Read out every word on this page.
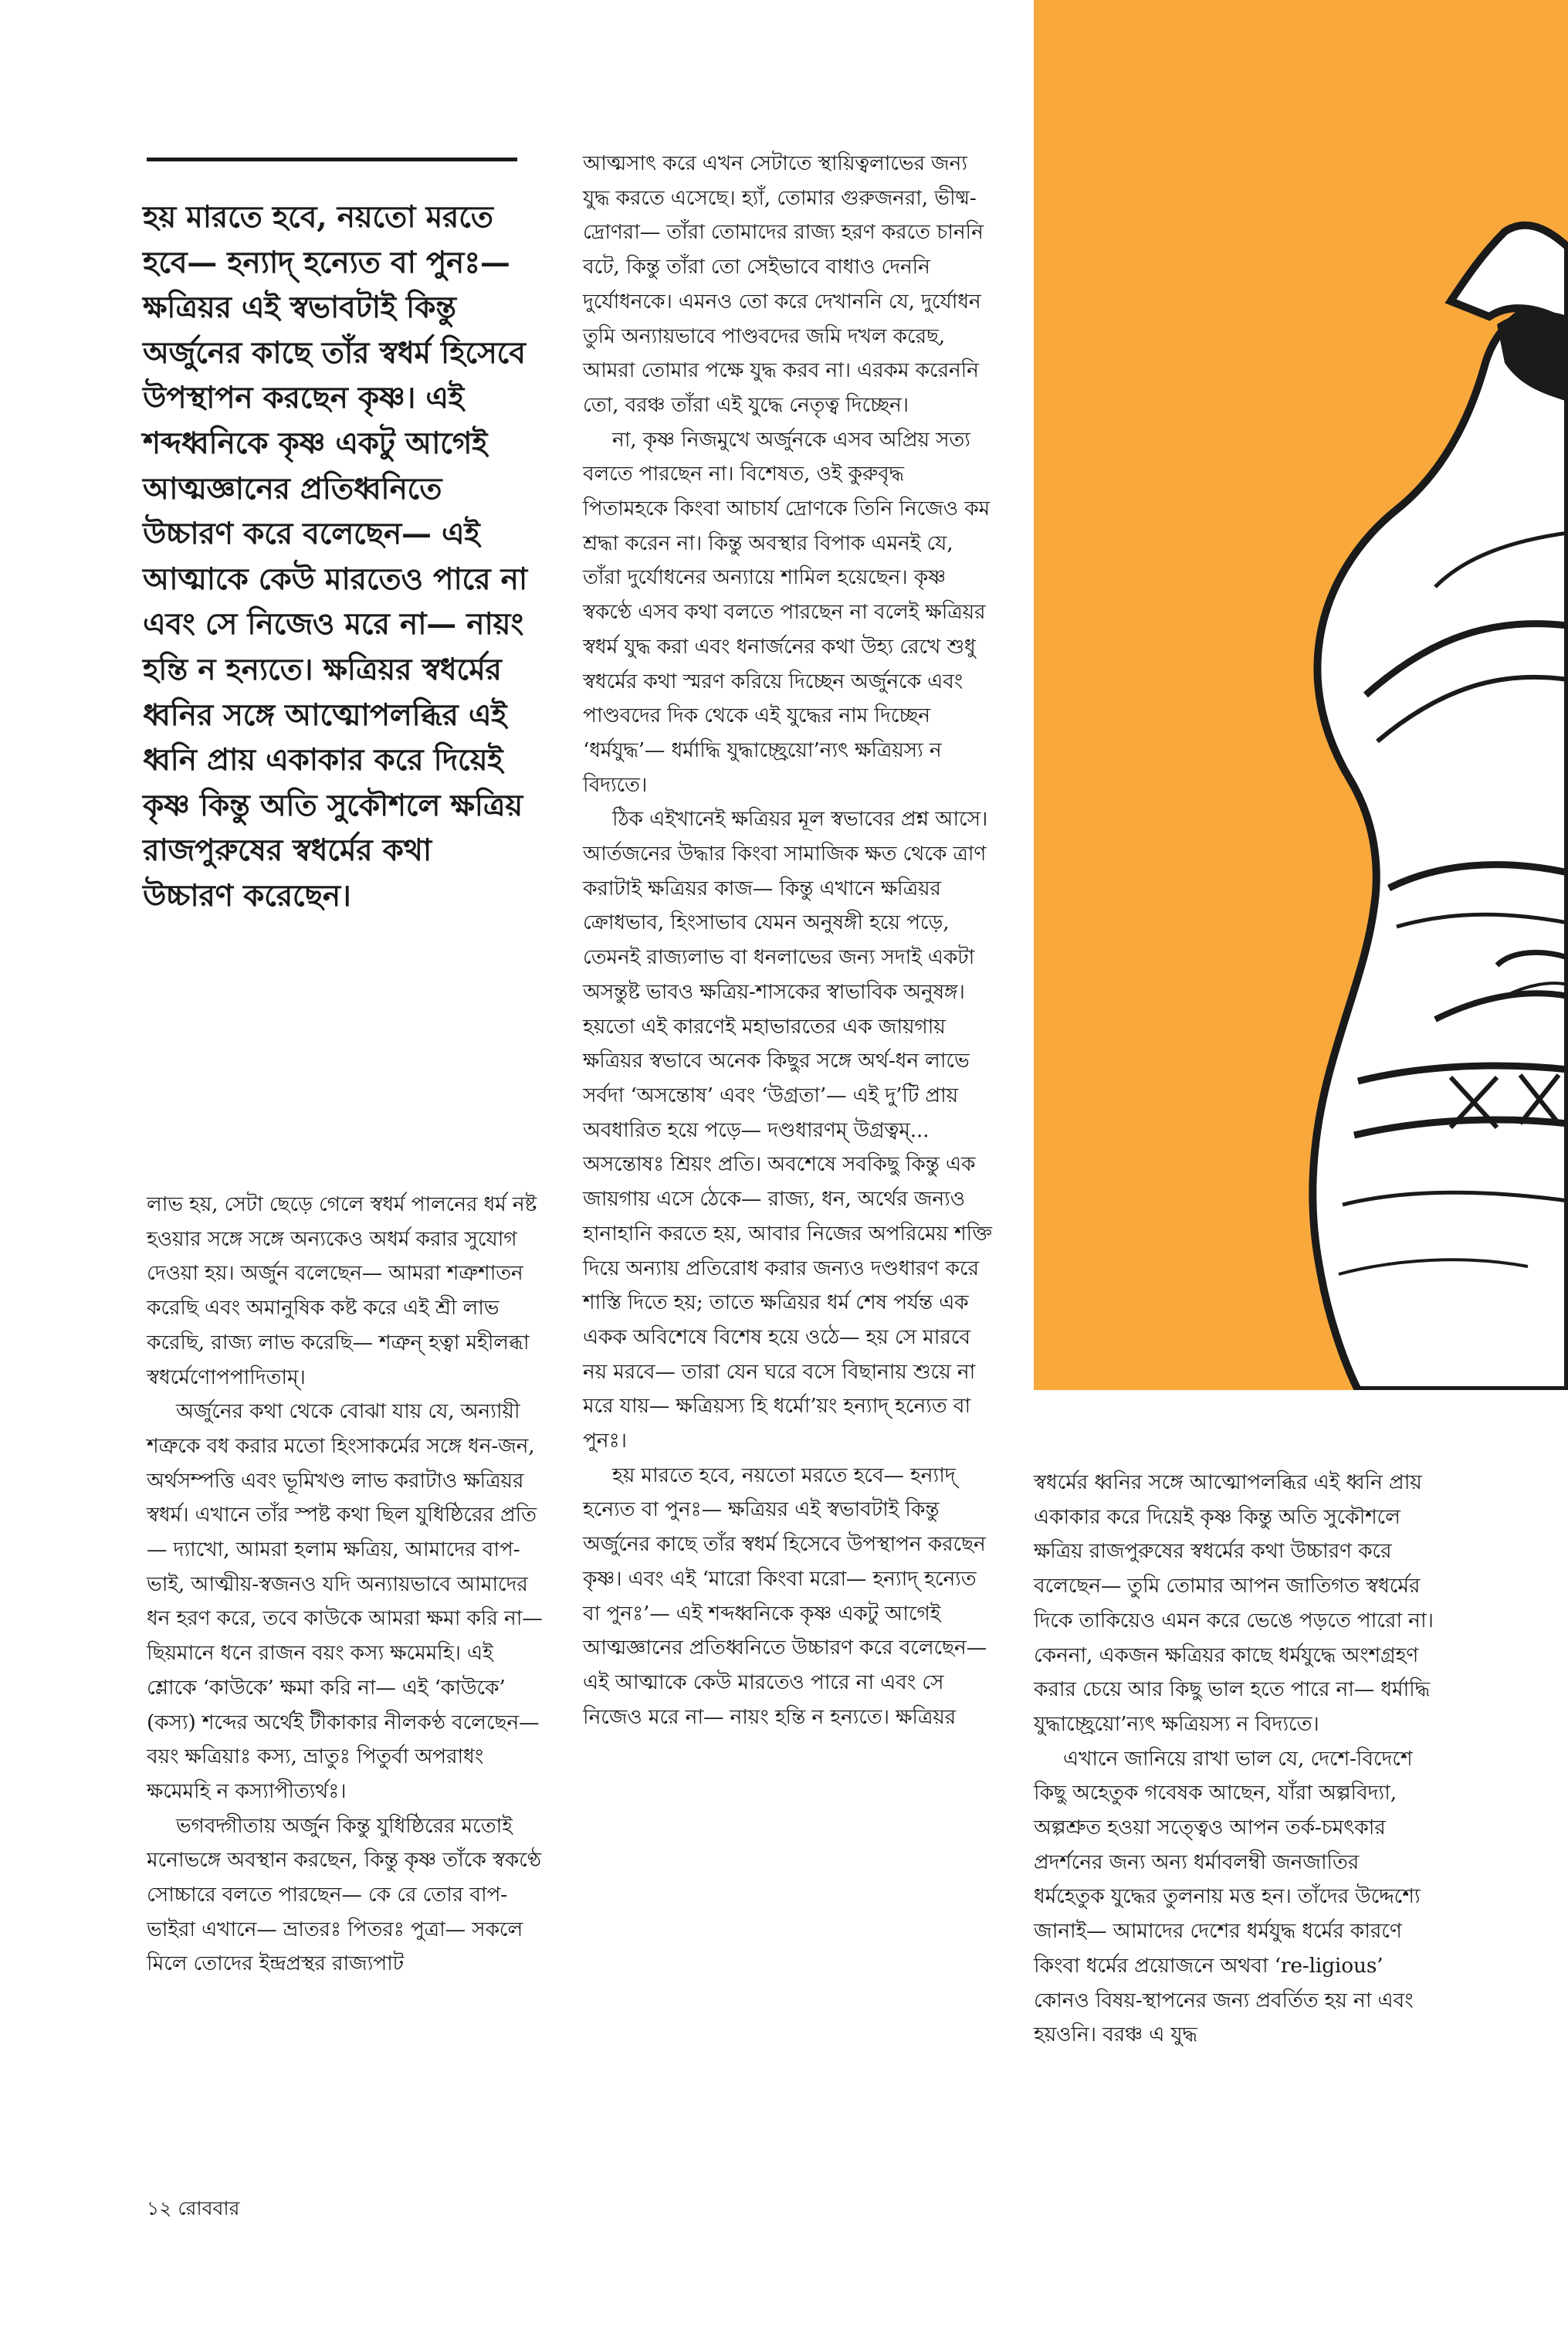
হয় মারতে হবে, নয়তো মরতে হবে— হন্যাদ্ হন্যেত বা পুনঃ— ক্ষত্রিয়র এই স্বভাবটাই কিন্তু অর্জুনের কাছে তাঁর স্বধর্ম হিসেবে উপস্থাপন করছেন কৃষ্ণ। এই শব্দধ্বনিকে কৃষ্ণ একটু আগেই আত্মজ্ঞানের প্রতিধ্বনিতে উচ্চারণ করে বলেছেন— এই আত্মাকে কেউ মারতেও পারে না এবং সে নিজেও মরে না— নায়ং হন্তি ন হন্যতে। ক্ষত্রিয়র স্বধর্মের ধ্বনির সঙ্গে আত্মোপলব্ধির এই ধ্বনি প্রায় একাকার করে দিয়েই কৃষ্ণ কিন্তু অতি সুকৌশলে ক্ষত্রিয় রাজপুরুষের স্বধর্মের কথা উচ্চারণ করেছেন।

লাভ হয়, সেটা ছেড়ে গেলে স্বধর্ম পালনের ধর্ম নষ্ট হওয়ার সঙ্গে সঙ্গে অন্যকেও অধর্ম করার সুযোগ দেওয়া হয়। অর্জুন বলেছেন— আমরা শত্রুশাতন করেছি এবং অমানুষিক কষ্ট করে এই শ্রী লাভ করেছি, রাজ্য লাভ করেছি— শত্রুন্ হত্বা মহীলব্ধা স্বধর্মেণোপপাদিতাম্।

অর্জুনের কথা থেকে বোঝা যায় যে, অন্যায়ী শত্রুকে বধ করার মতো হিংসাকর্মের সঙ্গে ধন-জন, অর্থসম্পত্তি এবং ভূমিখণ্ড লাভ করাটাও ক্ষত্রিয়র স্বধর্ম। এখানে তাঁর স্পষ্ট কথা ছিল যুধিষ্ঠিরের প্রতি— দ্যাখো, আমরা হলাম ক্ষত্রিয়, আমাদের বাপ-ভাই, আত্মীয়-স্বজনও যদি অন্যায়ভাবে আমাদের ধন হরণ করে, তবে কাউকে আমরা ক্ষমা করি না— ছিয়মানে ধনে রাজন বয়ং কস্য ক্ষমেমহি। এই শ্লোকে ‘কাউকে’ ক্ষমা করি না— এই ‘কাউকে’ (কস্য) শব্দের অর্থেই টীকাকার নীলকণ্ঠ বলেছেন— বয়ং ক্ষত্রিয়াঃ কস্য, ভ্রাতুঃ পিতুর্বা অপরাধং ক্ষমেমহি ন কস্যাপীত্যর্থঃ।

ভগবদ্গীতায় অর্জুন কিন্তু যুধিষ্ঠিরের মতোই মনোভঙ্গে অবস্থান করছেন, কিন্তু কৃষ্ণ তাঁকে স্বকণ্ঠে সোচ্চারে বলতে পারছেন— কে রে তোর বাপ-ভাইরা এখানে— ভ্রাতরঃ পিতরঃ পুত্রা— সকলে মিলে তোদের ইন্দ্রপ্রস্থর রাজ্যপাট

আত্মসাৎ করে এখন সেটাতে স্থায়িত্বলাভের জন্য যুদ্ধ করতে এসেছে। হ্যাঁ, তোমার গুরুজনরা, ভীষ্ম-দ্রোণরা— তাঁরা তোমাদের রাজ্য হরণ করতে চাননি বটে, কিন্তু তাঁরা তো সেইভাবে বাধাও দেননি দুর্যোধনকে। এমনও তো করে দেখাননি যে, দুর্যোধন তুমি অন্যায়ভাবে পাণ্ডবদের জমি দখল করেছ, আমরা তোমার পক্ষে যুদ্ধ করব না। এরকম করেননি তো, বরঞ্চ তাঁরা এই যুদ্ধে নেতৃত্ব দিচ্ছেন।

না, কৃষ্ণ নিজমুখে অর্জুনকে এসব অপ্রিয় সত্য বলতে পারছেন না। বিশেষত, ওই কুরুবৃদ্ধ পিতামহকে কিংবা আচার্য দ্রোণকে তিনি নিজেও কম শ্রদ্ধা করেন না। কিন্তু অবস্থার বিপাক এমনই যে, তাঁরা দুর্যোধনের অন্যায়ে শামিল হয়েছেন। কৃষ্ণ স্বকণ্ঠে এসব কথা বলতে পারছেন না বলেই ক্ষত্রিয়র স্বধর্ম যুদ্ধ করা এবং ধনার্জনের কথা উহ্য রেখে শুধু স্বধর্মের কথা স্মরণ করিয়ে দিচ্ছেন অর্জুনকে এবং পাণ্ডবদের দিক থেকে এই যুদ্ধের নাম দিচ্ছেন ‘ধর্মযুদ্ধ’— ধর্মাদ্ধি যুদ্ধাচ্ছ্রেয়ো’ন্যৎ ক্ষত্রিয়স্য ন বিদ্যতে।

ঠিক এইখানেই ক্ষত্রিয়র মূল স্বভাবের প্রশ্ন আসে। আর্তজনের উদ্ধার কিংবা সামাজিক ক্ষত থেকে ত্রাণ করাটাই ক্ষত্রিয়র কাজ— কিন্তু এখানে ক্ষত্রিয়র ক্রোধভাব, হিংসাভাব যেমন অনুষঙ্গী হয়ে পড়ে, তেমনই রাজ্যলাভ বা ধনলাভের জন্য সদাই একটা অসন্তুষ্ট ভাবও ক্ষত্রিয়-শাসকের স্বাভাবিক অনুষঙ্গ। হয়তো এই কারণেই মহাভারতের এক জায়গায় ক্ষত্রিয়র স্বভাবে অনেক কিছুর সঙ্গে অর্থ-ধন লাভে সর্বদা ‘অসন্তোষ’ এবং ‘উগ্রতা’— এই দু’টি প্রায় অবধারিত হয়ে পড়ে— দণ্ডধারণম্ উগ্রত্বম্... অসন্তোষঃ শ্রিয়ং প্রতি। অবশেষে সবকিছু কিন্তু এক জায়গায় এসে ঠেকে— রাজ্য, ধন, অর্থের জন্যও হানাহানি করতে হয়, আবার নিজের অপরিমেয় শক্তি দিয়ে অন্যায় প্রতিরোধ করার জন্যও দণ্ডধারণ করে শাস্তি দিতে হয়; তাতে ক্ষত্রিয়র ধর্ম শেষ পর্যন্ত এক একক অবিশেষে বিশেষ হয়ে ওঠে— হয় সে মারবে নয় মরবে— তারা যেন ঘরে বসে বিছানায় শুয়ে না মরে যায়— ক্ষত্রিয়স্য হি ধর্মো’য়ং হন্যাদ্ হন্যেত বা পুনঃ।

হয় মারতে হবে, নয়তো মরতে হবে— হন্যাদ্ হন্যেত বা পুনঃ— ক্ষত্রিয়র এই স্বভাবটাই কিন্তু অর্জুনের কাছে তাঁর স্বধর্ম হিসেবে উপস্থাপন করছেন কৃষ্ণ। এবং এই ‘মারো কিংবা মরো— হন্যাদ্ হন্যেত বা পুনঃ’— এই শব্দধ্বনিকে কৃষ্ণ একটু আগেই আত্মজ্ঞানের প্রতিধ্বনিতে উচ্চারণ করে বলেছেন— এই আত্মাকে কেউ মারতেও পারে না এবং সে নিজেও মরে না— নায়ং হন্তি ন হন্যতে। ক্ষত্রিয়র

স্বধর্মের ধ্বনির সঙ্গে আত্মোপলব্ধির এই ধ্বনি প্রায় একাকার করে দিয়েই কৃষ্ণ কিন্তু অতি সুকৌশলে ক্ষত্রিয় রাজপুরুষের স্বধর্মের কথা উচ্চারণ করে বলেছেন— তুমি তোমার আপন জাতিগত স্বধর্মের দিকে তাকিয়েও এমন করে ভেঙে পড়তে পারো না। কেননা, একজন ক্ষত্রিয়র কাছে ধর্মযুদ্ধে অংশগ্রহণ করার চেয়ে আর কিছু ভাল হতে পারে না— ধর্মাদ্ধি যুদ্ধাচ্ছ্রেয়ো’ন্যৎ ক্ষত্রিয়স্য ন বিদ্যতে।

এখানে জানিয়ে রাখা ভাল যে, দেশে-বিদেশে কিছু অহেতুক গবেষক আছেন, যাঁরা অল্পবিদ্যা, অল্পশ্রুত হওয়া সত্ত্বেও আপন তর্ক-চমৎকার প্রদর্শনের জন্য অন্য ধর্মাবলম্বী জনজাতির ধর্মহেতুক যুদ্ধের তুলনায় মত্ত হন। তাঁদের উদ্দেশ্যে জানাই— আমাদের দেশের ধর্মযুদ্ধ ধর্মের কারণে কিংবা ধর্মের প্রয়োজনে অথবা ‘re-ligious’ কোনও বিষয়-স্থাপনের জন্য প্রবর্তিত হয় না এবং হয়ওনি। বরঞ্চ এ যুদ্ধ

১২ রোববার
